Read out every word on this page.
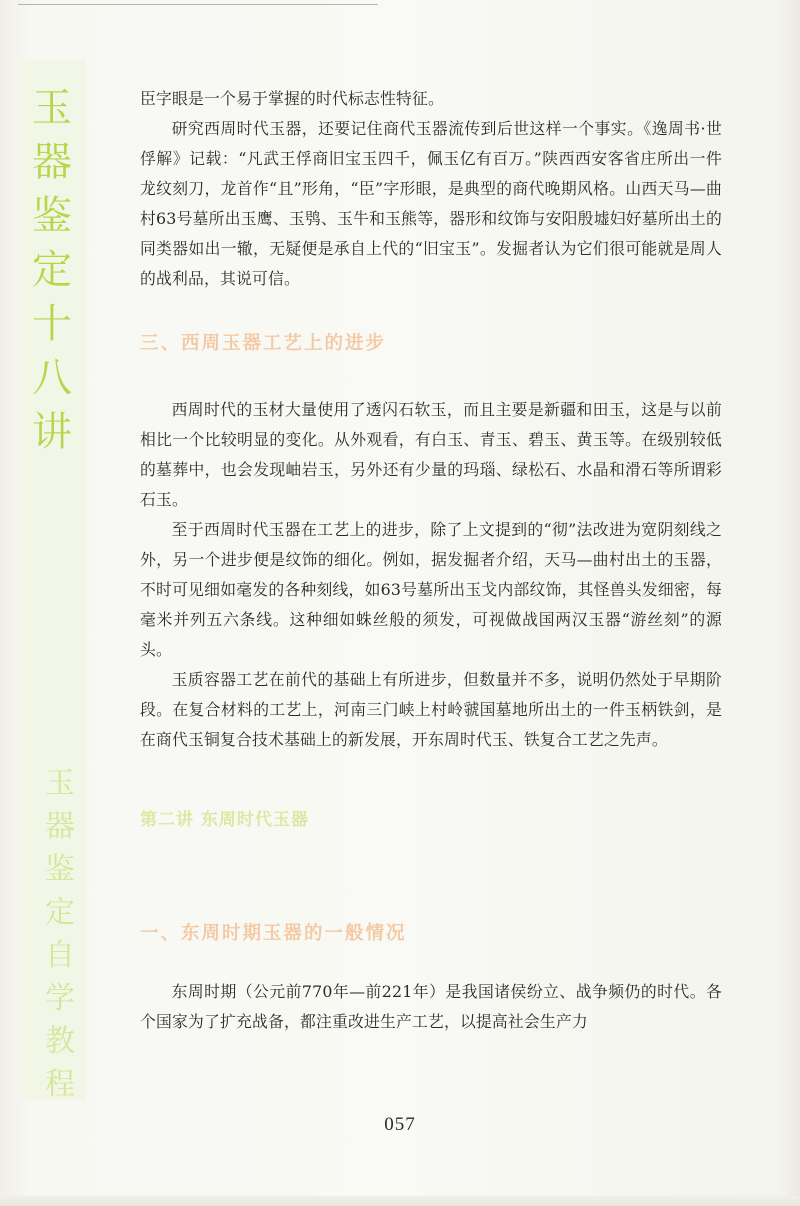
玉
器
鉴
定
十
八
讲
玉
器
鉴
定
自
学
教
程

臣字眼是一个易于掌握的时代标志性特征。

研究西周时代玉器，还要记住商代玉器流传到后世这样一个事实。《逸周书·世俘解》记载：“凡武王俘商旧宝玉四千，佩玉亿有百万。”陕西西安客省庄所出一件龙纹刻刀，龙首作“且”形角，“臣”字形眼，是典型的商代晚期风格。山西天马—曲村63号墓所出玉鹰、玉鸮、玉牛和玉熊等，器形和纹饰与安阳殷墟妇好墓所出土的同类器如出一辙，无疑便是承自上代的“旧宝玉”。发掘者认为它们很可能就是周人的战利品，其说可信。

三、西周玉器工艺上的进步

西周时代的玉材大量使用了透闪石软玉，而且主要是新疆和田玉，这是与以前相比一个比较明显的变化。从外观看，有白玉、青玉、碧玉、黄玉等。在级别较低的墓葬中，也会发现岫岩玉，另外还有少量的玛瑙、绿松石、水晶和滑石等所谓彩石玉。

至于西周时代玉器在工艺上的进步，除了上文提到的“彻”法改进为宽阴刻线之外，另一个进步便是纹饰的细化。例如，据发掘者介绍，天马—曲村出土的玉器，不时可见细如毫发的各种刻线，如63号墓所出玉戈内部纹饰，其怪兽头发细密，每毫米并列五六条线。这种细如蛛丝般的须发，可视做战国两汉玉器“游丝刻”的源头。

玉质容器工艺在前代的基础上有所进步，但数量并不多，说明仍然处于早期阶段。在复合材料的工艺上，河南三门峡上村岭虢国墓地所出土的一件玉柄铁剑，是在商代玉铜复合技术基础上的新发展，开东周时代玉、铁复合工艺之先声。

第二讲 东周时代玉器
一、东周时期玉器的一般情况

东周时期（公元前770年—前221年）是我国诸侯纷立、战争频仍的时代。各个国家为了扩充战备，都注重改进生产工艺，以提高社会生产力

057
